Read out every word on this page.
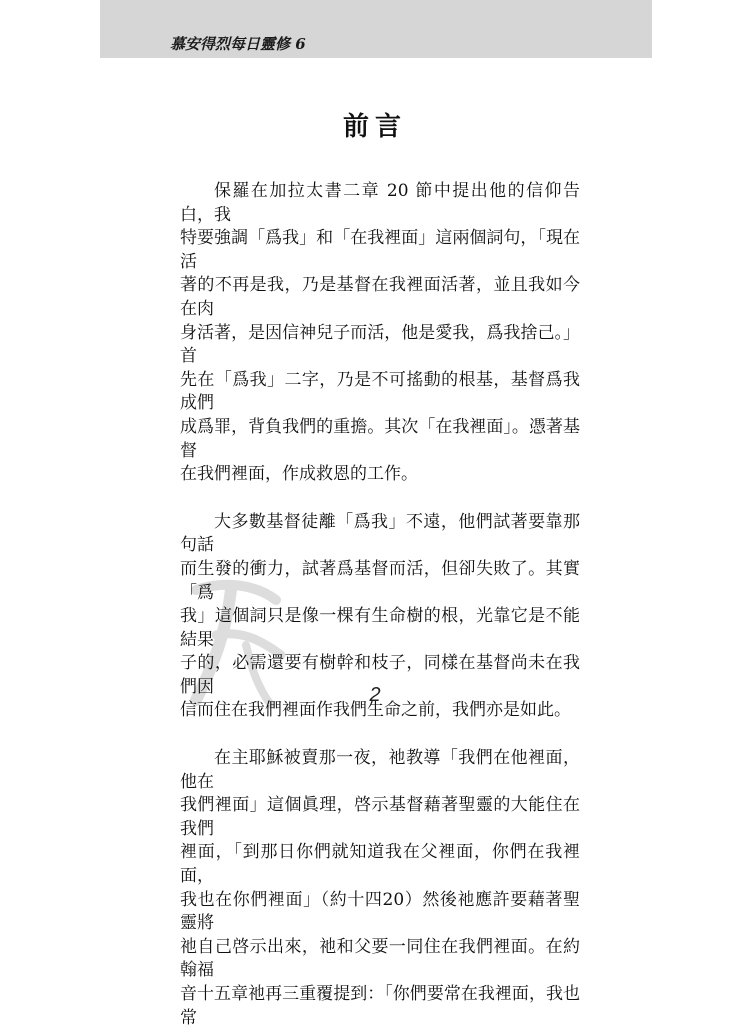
慕安得烈每日靈修 6
前言

保羅在加拉太書二章 20 節中提出他的信仰告白，我
特要強調「爲我」和「在我裡面」這兩個詞句，「現在活
著的不再是我，乃是基督在我裡面活著，並且我如今在肉
身活著，是因信神兒子而活，他是愛我，爲我捨己。」首
先在「爲我」二字，乃是不可搖動的根基，基督爲我成們
成爲罪，背負我們的重擔。其次「在我裡面」。憑著基督
在我們裡面，作成救恩的工作。

大多數基督徒離「爲我」不遠，他們試著要靠那句話
而生發的衝力，試著爲基督而活，但卻失敗了。其實「爲
我」這個詞只是像一棵有生命樹的根，光靠它是不能結果
子的，必需還要有樹幹和枝子，同樣在基督尚未在我們因
信而住在我們裡面作我們生命之前，我們亦是如此。

在主耶穌被賣那一夜，祂教導「我們在他裡面，他在
我們裡面」這個眞理，啓示基督藉著聖靈的大能住在我們
裡面，「到那日你們就知道我在父裡面，你們在我裡面，
我也在你們裡面」（約十四20）然後祂應許要藉著聖靈將
祂自己啓示出來，祂和父要一同住在我們裡面。在約翰福
音十五章祂再三重覆提到：「你們要常在我裡面，我也常

2
